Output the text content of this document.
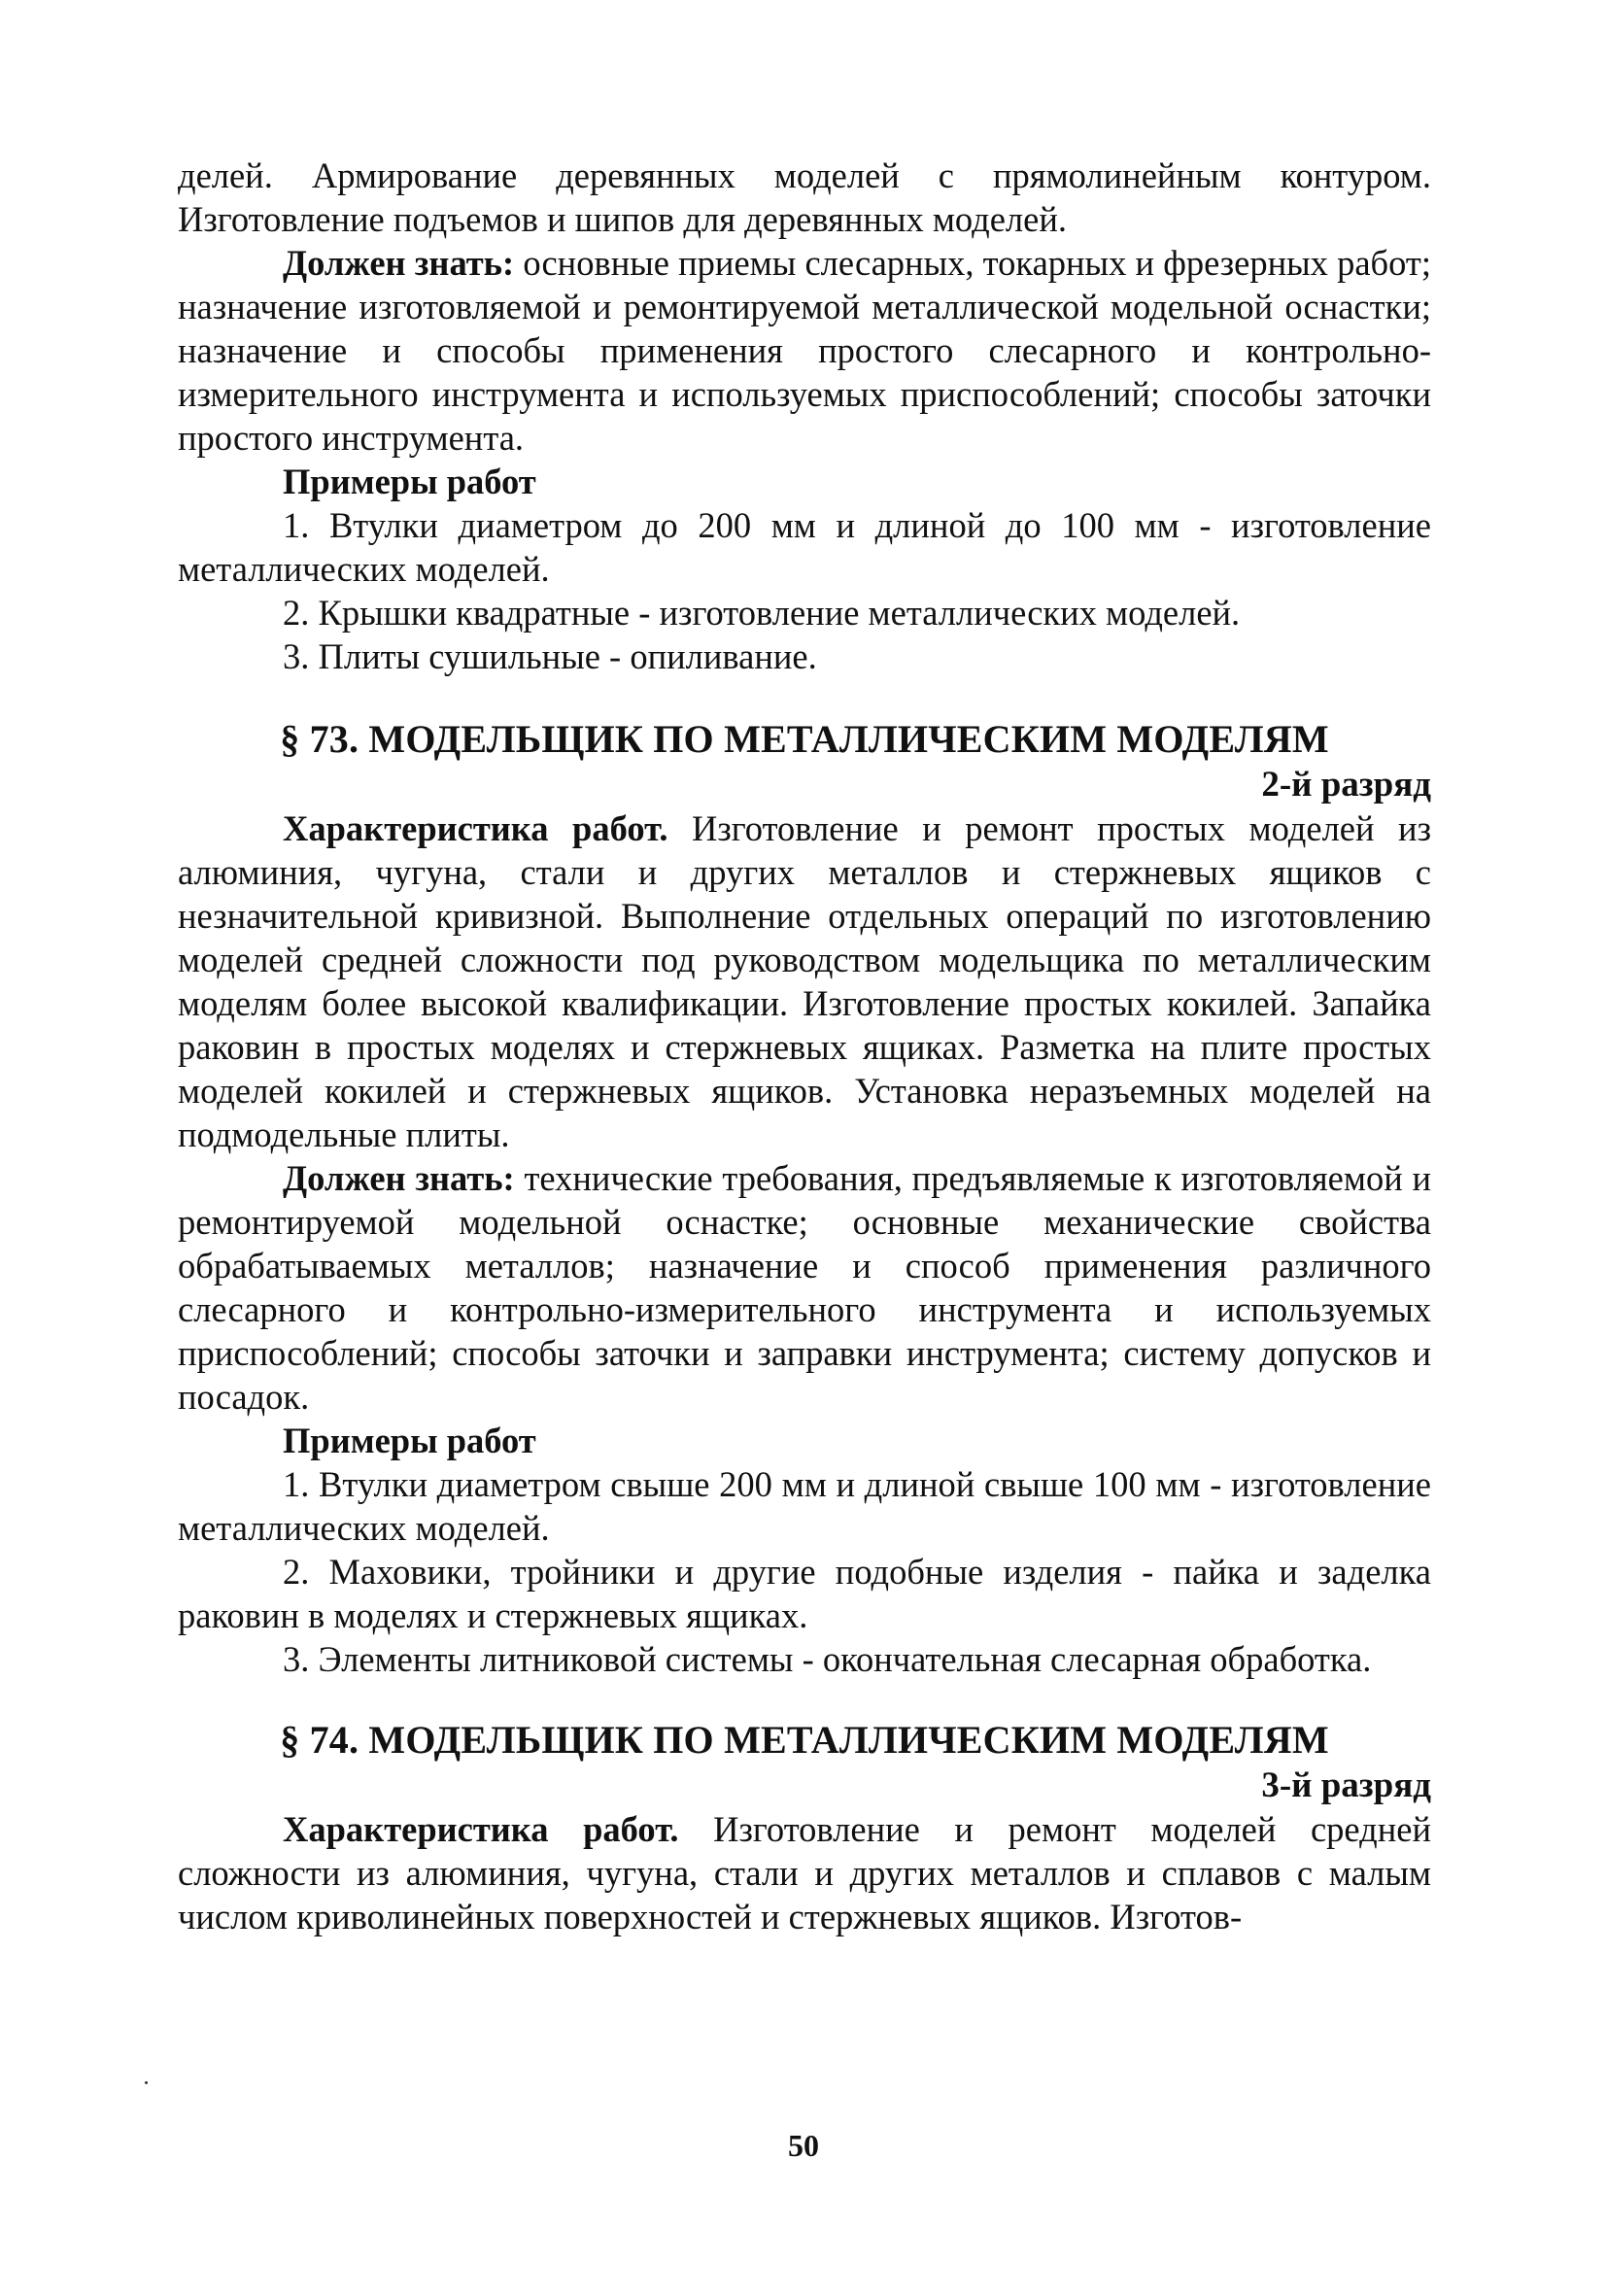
делей. Армирование деревянных моделей с прямолинейным контуром. Изготовление подъемов и шипов для деревянных моделей.

Должен знать: основные приемы слесарных, токарных и фрезерных работ; назначение изготовляемой и ремонтируемой металлической модельной оснастки; назначение и способы применения простого слесарного и контрольно-измерительного инструмента и используемых приспособлений; способы заточки простого инструмента.

Примеры работ

1. Втулки диаметром до 200 мм и длиной до 100 мм - изготовление металлических моделей.

2. Крышки квадратные - изготовление металлических моделей.

3. Плиты сушильные - опиливание.

§ 73. МОДЕЛЬЩИК ПО МЕТАЛЛИЧЕСКИМ МОДЕЛЯМ

2-й разряд

Характеристика работ. Изготовление и ремонт простых моделей из алюминия, чугуна, стали и других металлов и стержневых ящиков с незначительной кривизной. Выполнение отдельных операций по изготовлению моделей средней сложности под руководством модельщика по металлическим моделям более высокой квалификации. Изготовление простых кокилей. Запайка раковин в простых моделях и стержневых ящиках. Разметка на плите простых моделей кокилей и стержневых ящиков. Установка неразъемных моделей на подмодельные плиты.

Должен знать: технические требования, предъявляемые к изготовляемой и ремонтируемой модельной оснастке; основные механические свойства обрабатываемых металлов; назначение и способ применения различного слесарного и контрольно-измерительного инструмента и используемых приспособлений; способы заточки и заправки инструмента; систему допусков и посадок.

Примеры работ

1. Втулки диаметром свыше 200 мм и длиной свыше 100 мм - изготовление металлических моделей.

2. Маховики, тройники и другие подобные изделия - пайка и заделка раковин в моделях и стержневых ящиках.

3. Элементы литниковой системы - окончательная слесарная обработка.

§ 74. МОДЕЛЬЩИК ПО МЕТАЛЛИЧЕСКИМ МОДЕЛЯМ

3-й разряд

Характеристика работ. Изготовление и ремонт моделей средней сложности из алюминия, чугуна, стали и других металлов и сплавов с малым числом криволинейных поверхностей и стержневых ящиков. Изготов-

50
